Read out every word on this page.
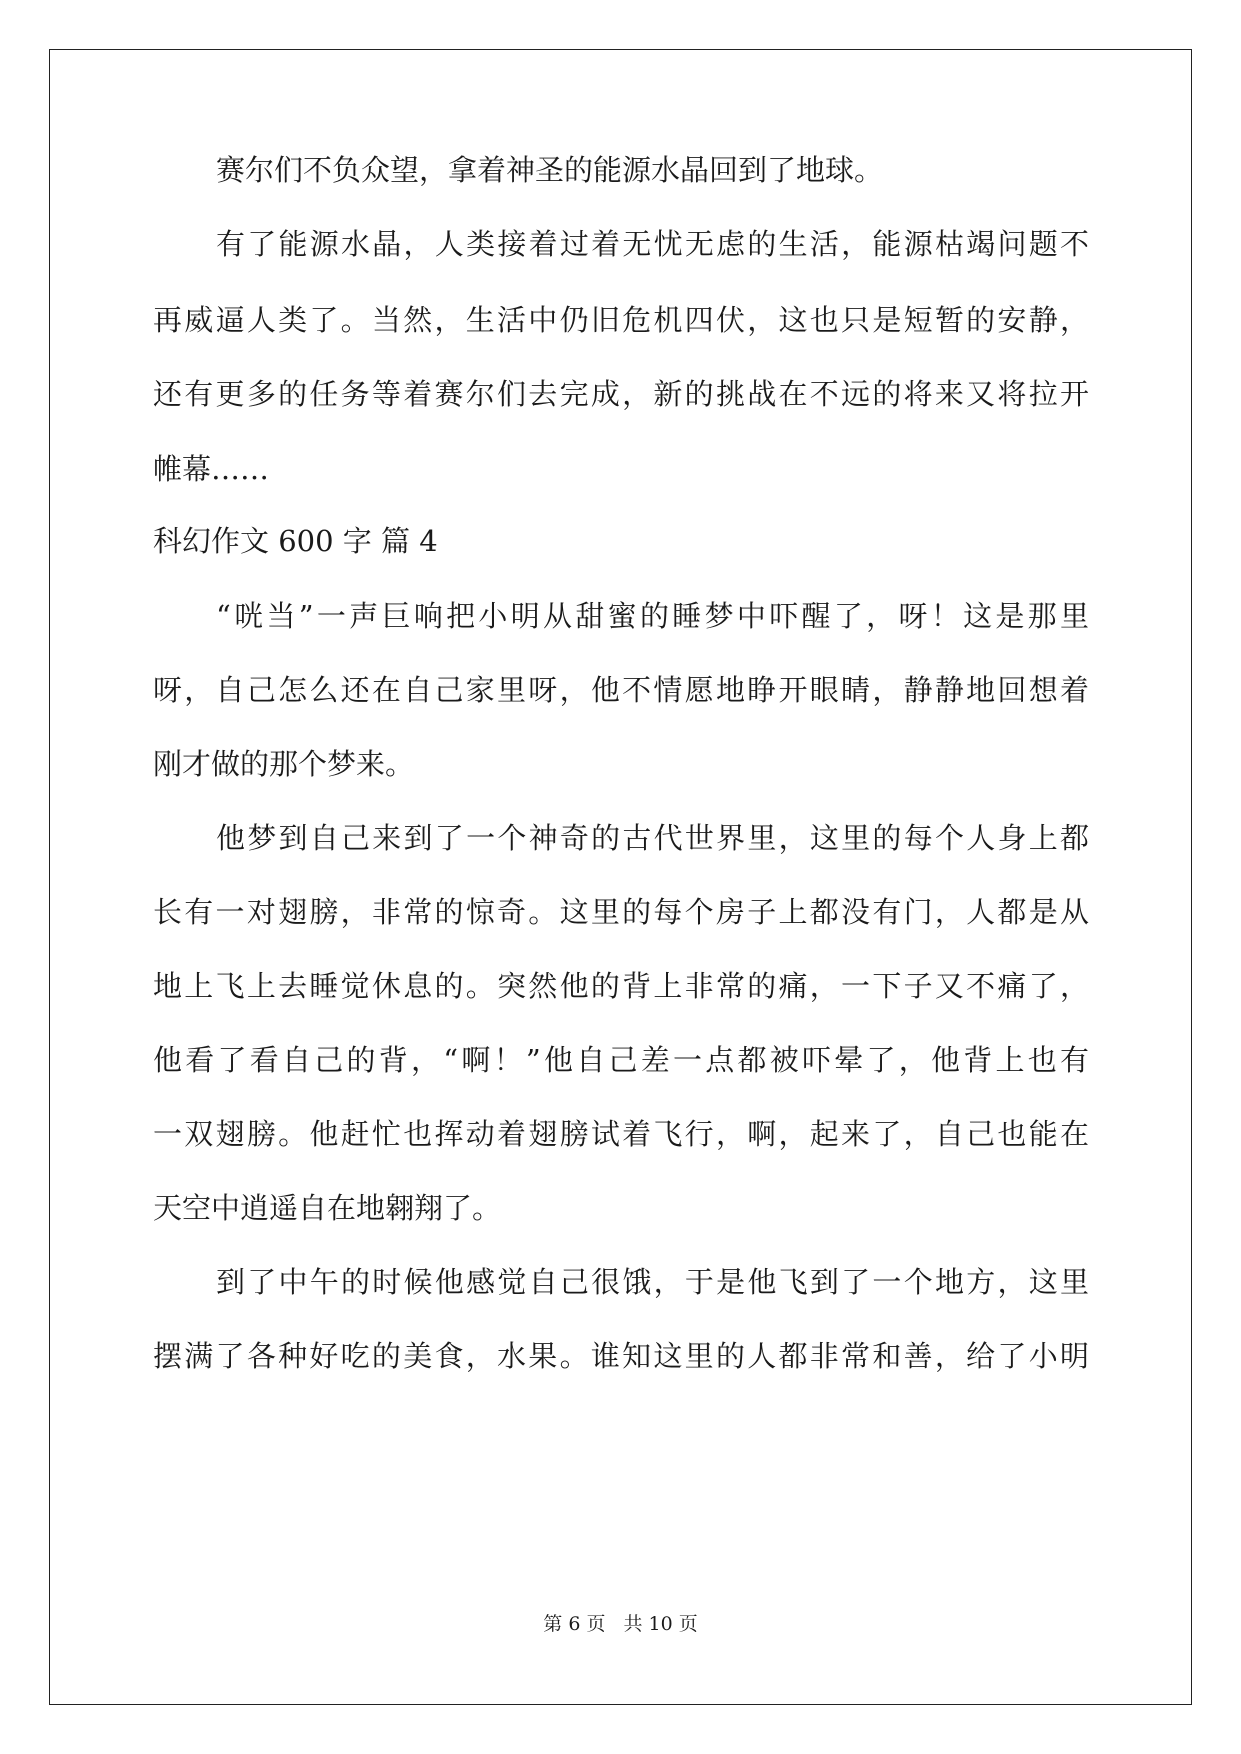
赛尔们不负众望，拿着神圣的能源水晶回到了地球。
有了能源水晶，人类接着过着无忧无虑的生活，能源枯竭问题不
再威逼人类了。当然，生活中仍旧危机四伏，这也只是短暂的安静，
还有更多的任务等着赛尔们去完成，新的挑战在不远的将来又将拉开
帷幕……
科幻作文 600 字 篇 4
“咣当”一声巨响把小明从甜蜜的睡梦中吓醒了，呀！这是那里
呀，自己怎么还在自己家里呀，他不情愿地睁开眼睛，静静地回想着
刚才做的那个梦来。
他梦到自己来到了一个神奇的古代世界里，这里的每个人身上都
长有一对翅膀，非常的惊奇。这里的每个房子上都没有门，人都是从
地上飞上去睡觉休息的。突然他的背上非常的痛，一下子又不痛了，
他看了看自己的背，“啊！”他自己差一点都被吓晕了，他背上也有
一双翅膀。他赶忙也挥动着翅膀试着飞行，啊，起来了，自己也能在
天空中逍遥自在地翱翔了。
到了中午的时候他感觉自己很饿，于是他飞到了一个地方，这里
摆满了各种好吃的美食，水果。谁知这里的人都非常和善，给了小明
第 6 页 共 10 页
